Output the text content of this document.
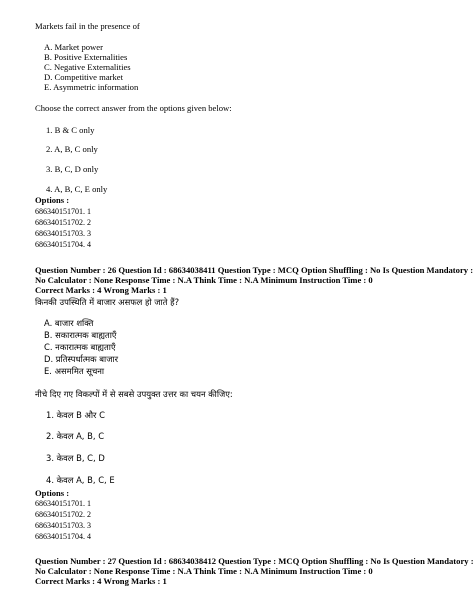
Markets fail in the presence of
A. Market power
B. Positive Externalities
C. Negative Externalities
D. Competitive market
E. Asymmetric information
Choose the correct answer from the options given below:
1. B & C only
2. A, B, C only
3. B, C, D only
4. A, B, C, E only
Options :
686340151701. 1
686340151702. 2
686340151703. 3
686340151704. 4
Question Number : 26 Question Id : 68634038411 Question Type : MCQ Option Shuffling : No Is Question Mandatory :
No Calculator : None Response Time : N.A Think Time : N.A Minimum Instruction Time : 0
Correct Marks : 4 Wrong Marks : 1
किनकी उपस्थिति में बाजार असफल हो जाते हैं?
A. बाजार शक्ति
B. सकारात्मक बाह्यताएँ
C. नकारात्मक बाह्यताएँ
D. प्रतिस्पर्धात्मक बाजार
E. असममित सूचना
नीचे दिए गए विकल्पों में से सबसे उपयुक्त उत्तर का चयन कीजिए:
1. केवल B और C
2. केवल A, B, C
3. केवल B, C, D
4. केवल A, B, C, E
Options :
686340151701. 1
686340151702. 2
686340151703. 3
686340151704. 4
Question Number : 27 Question Id : 68634038412 Question Type : MCQ Option Shuffling : No Is Question Mandatory :
No Calculator : None Response Time : N.A Think Time : N.A Minimum Instruction Time : 0
Correct Marks : 4 Wrong Marks : 1
